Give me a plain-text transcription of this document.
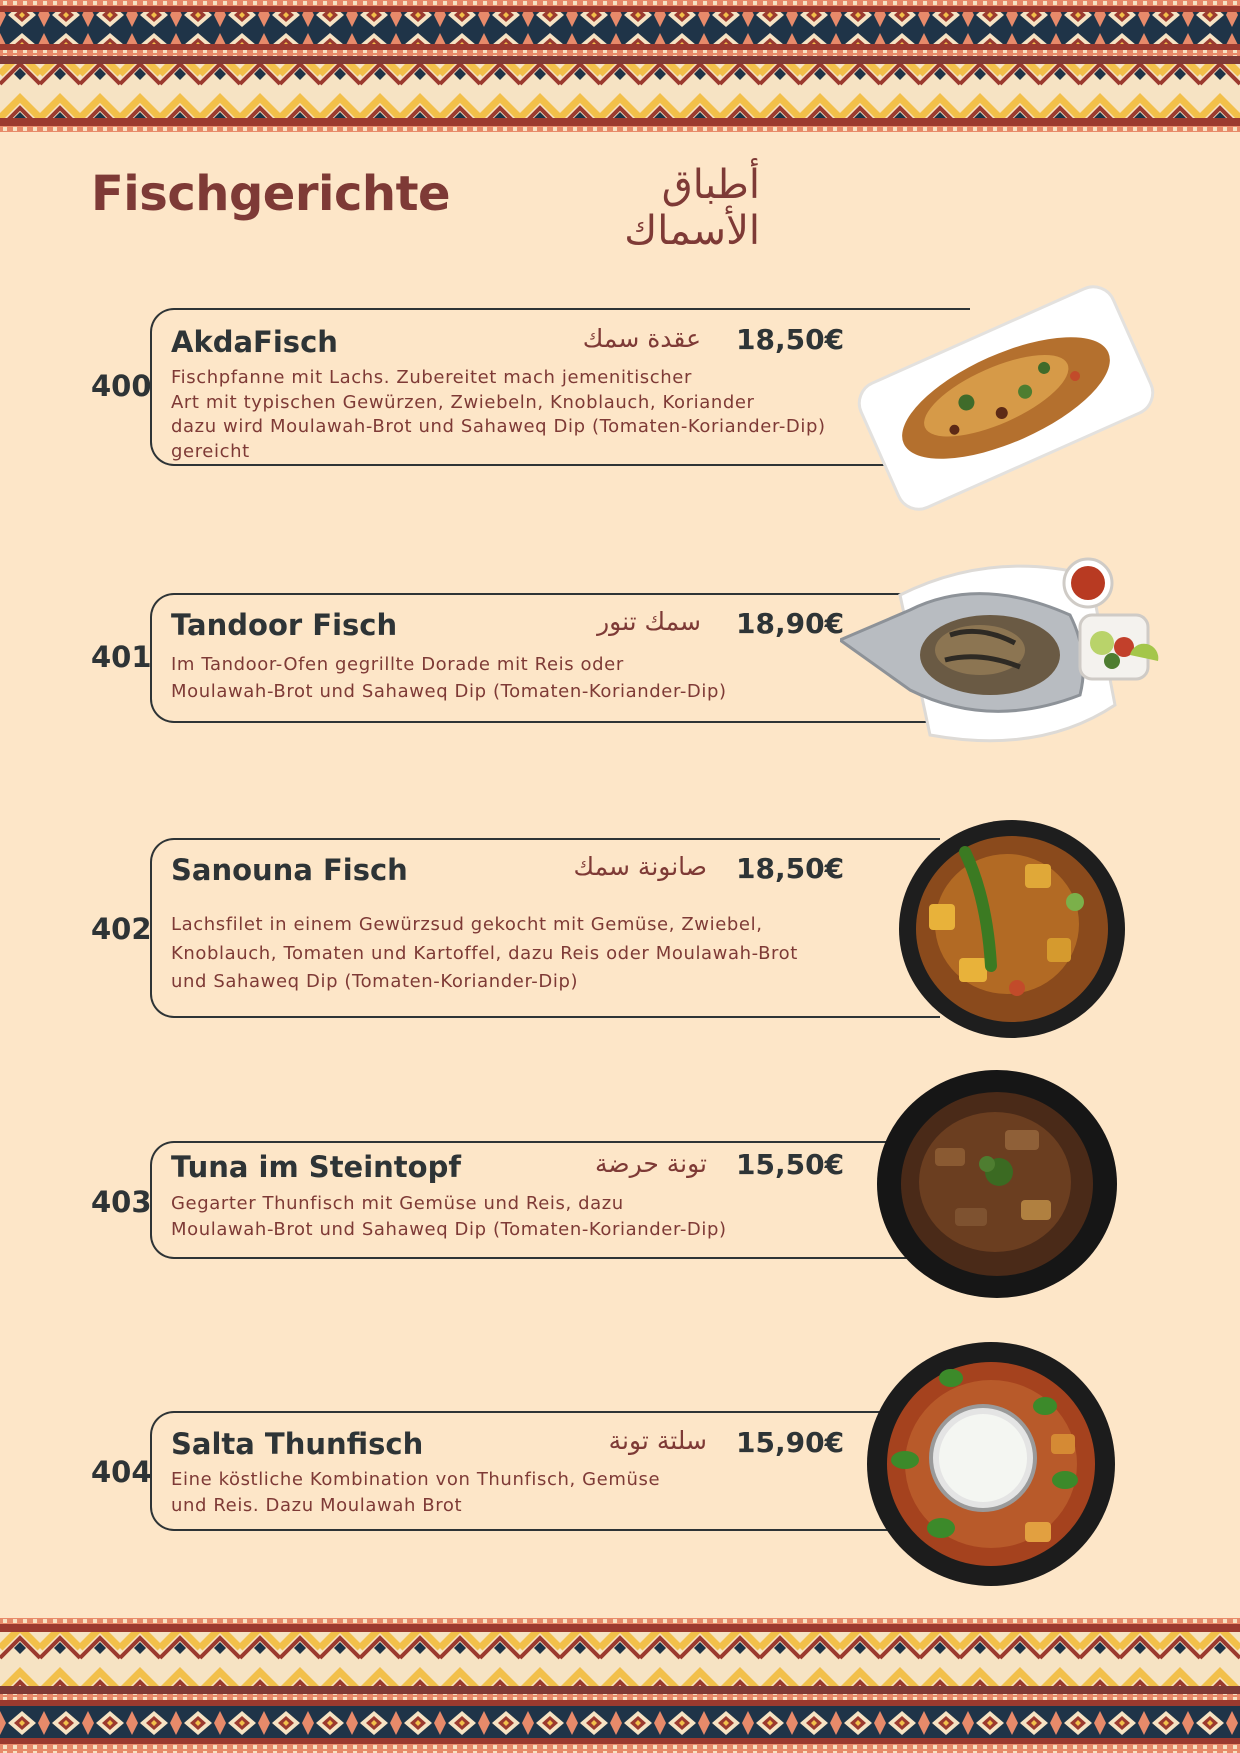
Fischgerichte	أطباق الأسماك
400
AkdaFisch	عقدة سمك 18,50€
Fischpfanne mit Lachs. Zubereitet mach jemenitischer
Art mit typischen Gewürzen, Zwiebeln, Knoblauch, Koriander
dazu wird Moulawah-Brot und Sahaweq Dip (Tomaten-Koriander-Dip)
gereicht
401
Tandoor Fisch	سمك تنور 18,90€
Im Tandoor-Ofen gegrillte Dorade mit Reis oder
Moulawah-Brot und Sahaweq Dip (Tomaten-Koriander-Dip)
402
Sanouna Fisch	صانونة سمك 18,50€
Lachsfilet in einem Gewürzsud gekocht mit Gemüse, Zwiebel,
Knoblauch, Tomaten und Kartoffel, dazu Reis oder Moulawah-Brot
und Sahaweq Dip (Tomaten-Koriander-Dip)
403
Tuna im Steintopf	تونة حرضة 15,50€
Gegarter Thunfisch mit Gemüse und Reis, dazu
Moulawah-Brot und Sahaweq Dip (Tomaten-Koriander-Dip)
404
Salta Thunfisch	سلتة تونة 15,90€
Eine köstliche Kombination von Thunfisch, Gemüse
und Reis. Dazu Moulawah Brot
